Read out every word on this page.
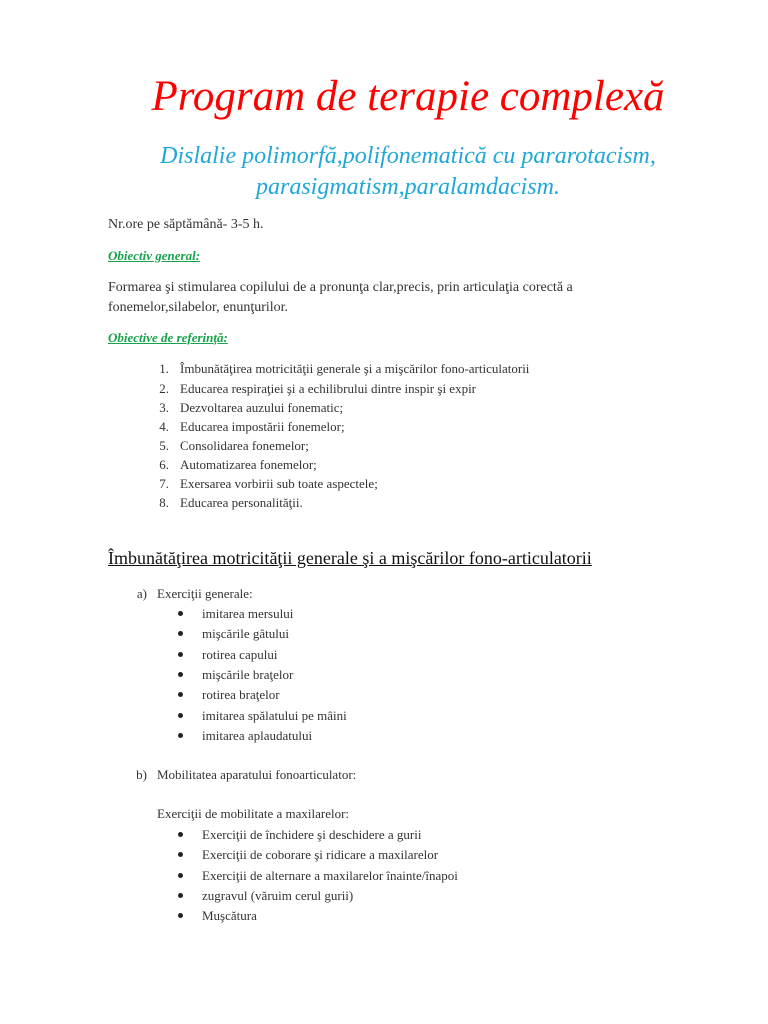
Program de terapie complexă
Dislalie polimorfă,polifonematică cu pararotacism,
parasigmatism,paralamdacism.
Nr.ore pe săptămână- 3-5 h.
Obiectiv general:
Formarea şi stimularea copilului de a pronunţa clar,precis, prin articulaţia corectă a
fonemelor,silabelor, enunţurilor.
Obiective de referinţă:
1. Îmbunătăţirea motricităţii generale şi a mişcărilor fono-articulatorii
2. Educarea respiraţiei şi a echilibrului dintre inspir şi expir
3. Dezvoltarea auzului fonematic;
4. Educarea impostării fonemelor;
5. Consolidarea fonemelor;
6. Automatizarea fonemelor;
7. Exersarea vorbirii sub toate aspectele;
8. Educarea personalităţii.
Îmbunătăţirea motricităţii generale şi a mişcărilor fono-articulatorii
a) Exerciţii generale:
imitarea mersului
mişcările gâtului
rotirea capului
mişcările braţelor
rotirea braţelor
imitarea spălatului pe mâini
imitarea aplaudatului
b) Mobilitatea aparatului fonoarticulator:
Exerciţii de mobilitate a maxilarelor:
Exerciţii de închidere şi deschidere a gurii
Exerciţii de coborare şi ridicare a maxilarelor
Exerciţii de alternare a maxilarelor înainte/înapoi
zugravul (văruim cerul gurii)
Muşcătura
